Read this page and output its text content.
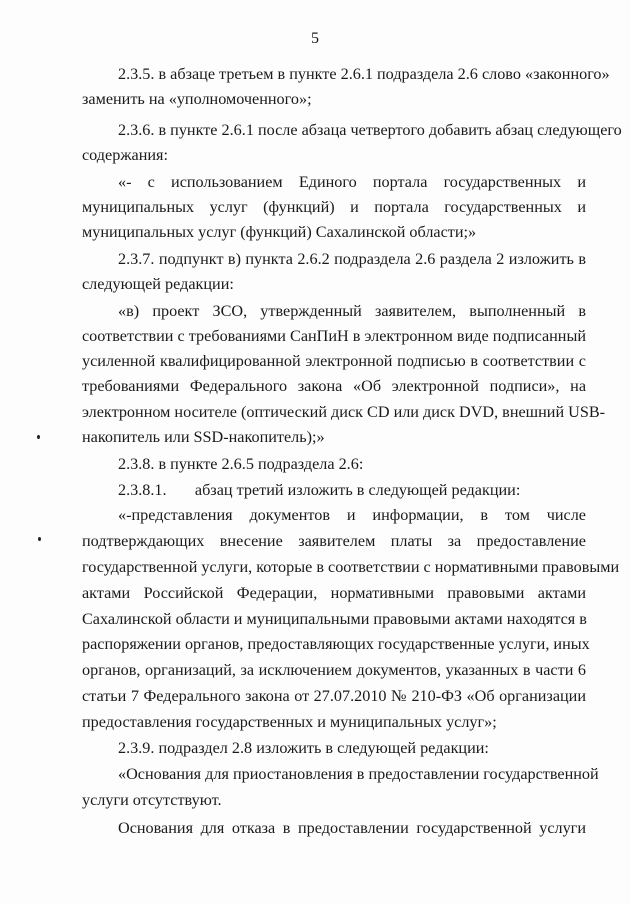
5
2.3.5. в абзаце третьем в пункте 2.6.1 подраздела 2.6 слово «законного»
заменить на «уполномоченного»;
2.3.6. в пункте 2.6.1 после абзаца четвертого добавить абзац следующего
содержания:
«- с использованием Единого портала государственных и
муниципальных услуг (функций) и портала государственных и
муниципальных услуг (функций) Сахалинской области;»
2.3.7. подпункт в) пункта 2.6.2 подраздела 2.6 раздела 2 изложить в
следующей редакции:
«в) проект ЗСО, утвержденный заявителем, выполненный в
соответствии с требованиями СанПиН в электронном виде подписанный
усиленной квалифицированной электронной подписью в соответствии с
требованиями Федерального закона «Об электронной подписи», на
электронном носителе (оптический диск CD или диск DVD, внешний USB-
накопитель или SSD-накопитель);»
2.3.8. в пункте 2.6.5 подраздела 2.6:
2.3.8.1.       абзац третий изложить в следующей редакции:
«-представления документов и информации, в том числе
подтверждающих внесение заявителем платы за предоставление
государственной услуги, которые в соответствии с нормативными правовыми
актами Российской Федерации, нормативными правовыми актами
Сахалинской области и муниципальными правовыми актами находятся в
распоряжении органов, предоставляющих государственные услуги, иных
органов, организаций, за исключением документов, указанных в части 6
статьи 7 Федерального закона от 27.07.2010 № 210-ФЗ «Об организации
предоставления государственных и муниципальных услуг»;
2.3.9. подраздел 2.8 изложить в следующей редакции:
«Основания для приостановления в предоставлении государственной
услуги отсутствуют.
Основания для отказа в предоставлении государственной услуги
